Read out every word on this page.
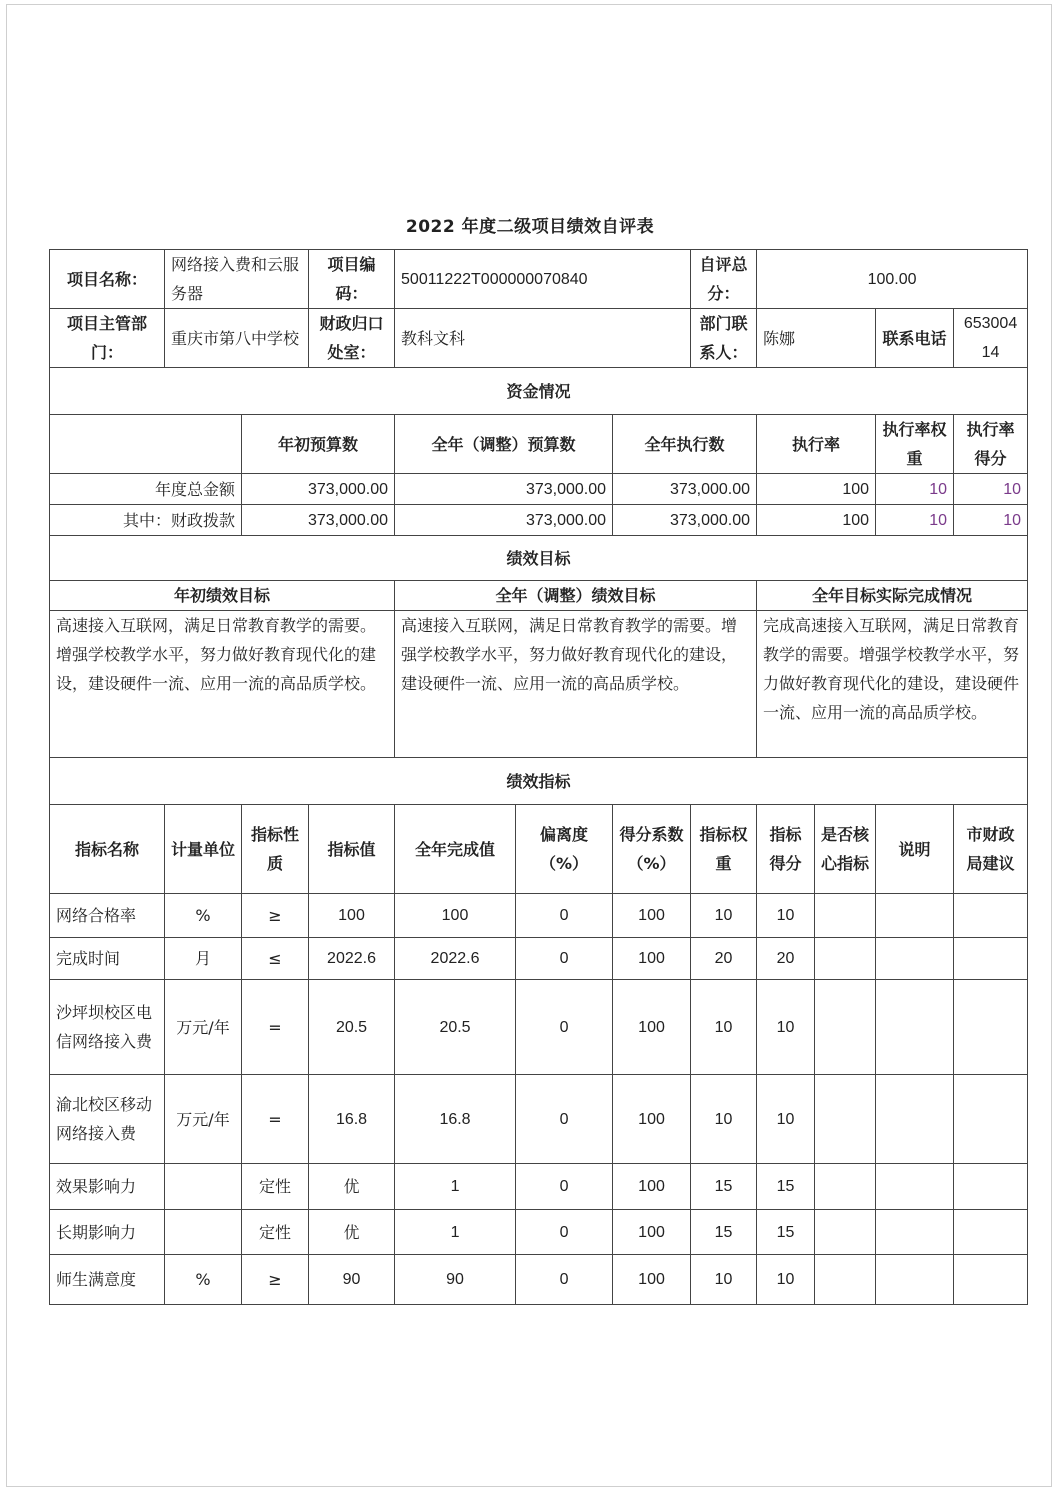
2022 年度二级项目绩效自评表
项目名称：	网络接入费和云服务器		项目编码：	50011222T000000070840			自评总分：	100.00			
项目主管部门：	重庆市第八中学校		财政归口处室：	教科文科			部门联系人：	陈娜		联系电话	65300414
资金情况											
		年初预算数		全年（调整）预算数		全年执行数		执行率		执行率权重	执行率得分
年度总金额		373,000.00		373,000.00		373,000.00		100		10	10
其中：财政拨款		373,000.00		373,000.00		373,000.00		100		10	10
绩效目标											
年初绩效目标				全年（调整）绩效目标				全年目标实际完成情况			
高速接入互联网，满足日常教育教学的需要。增强学校教学水平，努力做好教育现代化的建设，建设硬件一流、应用一流的高品质学校。				高速接入互联网，满足日常教育教学的需要。增强学校教学水平，努力做好教育现代化的建设，建设硬件一流、应用一流的高品质学校。				完成高速接入互联网，满足日常教育教学的需要。增强学校教学水平，努力做好教育现代化的建设，建设硬件一流、应用一流的高品质学校。			
绩效指标											
指标名称	计量单位	指标性质	指标值	全年完成值	偏离度（%）	得分系数（%）	指标权重	指标得分	是否核心指标	说明	市财政局建议
网络合格率	%	≥	100	100	0	100	10	10			
完成时间	月	≤	2022.6	2022.6	0	100	20	20			
沙坪坝校区电信网络接入费	万元/年	=	20.5	20.5	0	100	10	10			
渝北校区移动网络接入费	万元/年	=	16.8	16.8	0	100	10	10			
效果影响力		定性	优	1	0	100	15	15			
长期影响力		定性	优	1	0	100	15	15			
师生满意度	%	≥	90	90	0	100	10	10			
